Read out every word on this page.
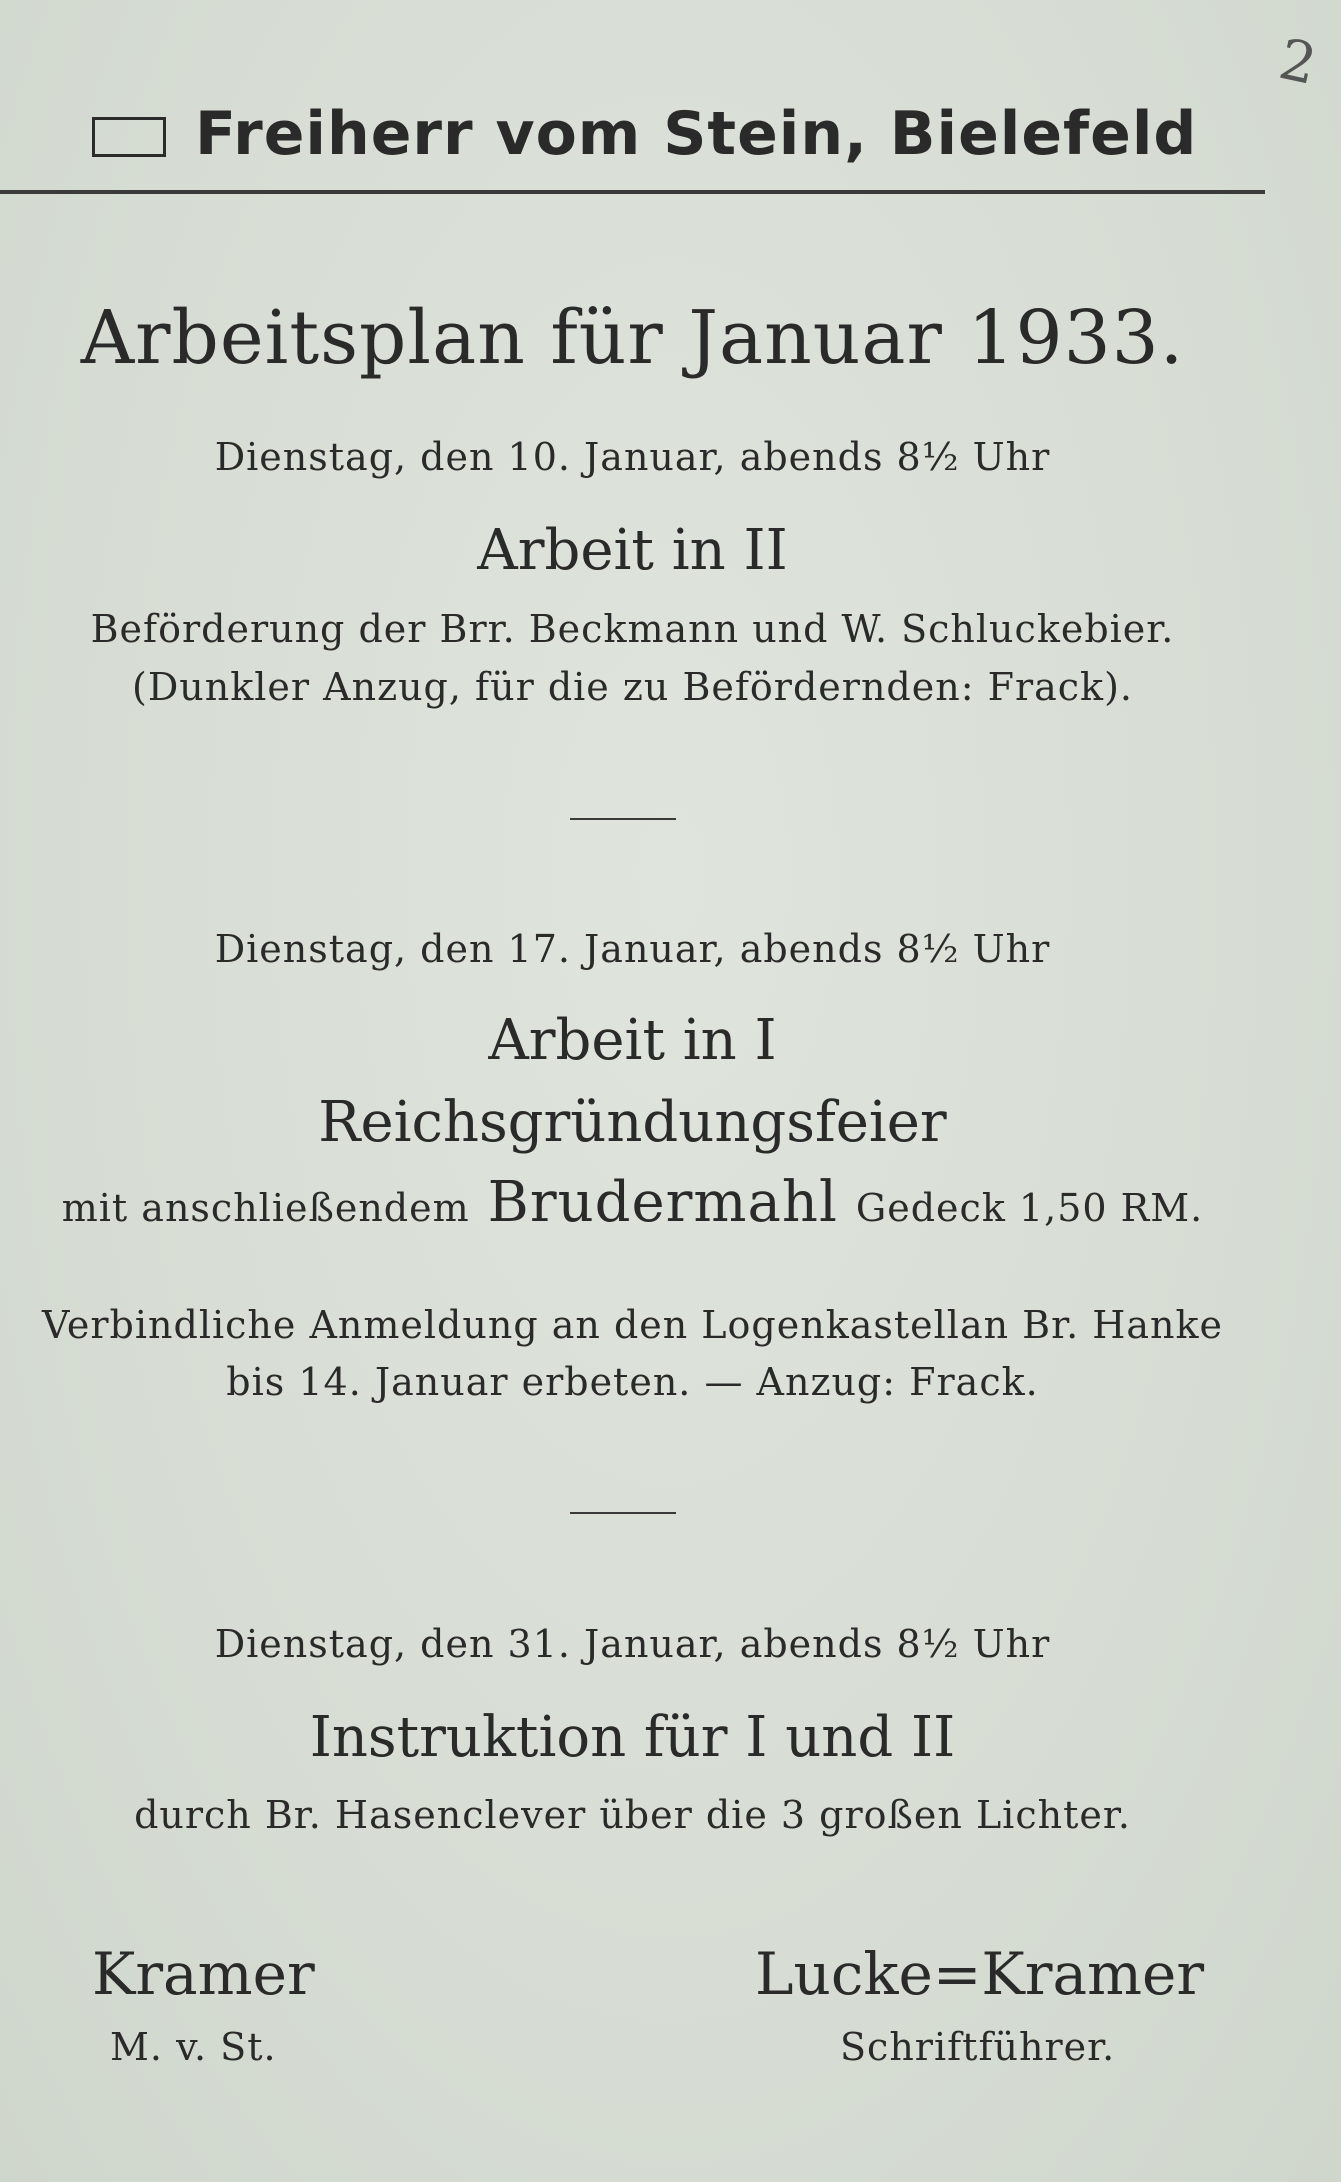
2
Freiherr vom Stein, Bielefeld
Arbeitsplan für Januar 1933.
Dienstag, den 10. Januar, abends 8½ Uhr
Arbeit in II
Beförderung der Brr. Beckmann und W. Schluckebier.
(Dunkler Anzug, für die zu Befördernden: Frack).
Dienstag, den 17. Januar, abends 8½ Uhr
Arbeit in I
Reichsgründungsfeier
mit anschließendem Brudermahl Gedeck 1,50 RM.
Verbindliche Anmeldung an den Logenkastellan Br. Hanke
bis 14. Januar erbeten. — Anzug: Frack.
Dienstag, den 31. Januar, abends 8½ Uhr
Instruktion für I und II
durch Br. Hasenclever über die 3 großen Lichter.
Kramer
M. v. St.
Lucke=Kramer
Schriftführer.
